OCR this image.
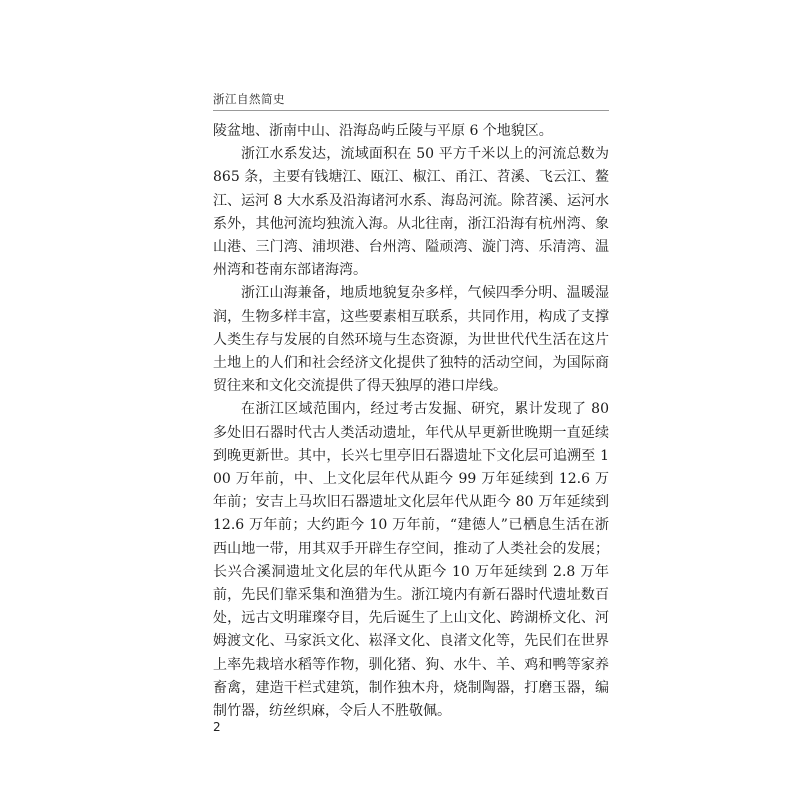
浙江自然简史

陵盆地、浙南中山、沿海岛屿丘陵与平原 6 个地貌区。

浙江水系发达，流域面积在 50 平方千米以上的河流总数为 865 条，主要有钱塘江、瓯江、椒江、甬江、苕溪、飞云江、鳌江、运河 8 大水系及沿海诸河水系、海岛河流。除苕溪、运河水系外，其他河流均独流入海。从北往南，浙江沿海有杭州湾、象山港、三门湾、浦坝港、台州湾、隘顽湾、漩门湾、乐清湾、温州湾和苍南东部诸海湾。

浙江山海兼备，地质地貌复杂多样，气候四季分明、温暖湿润，生物多样丰富，这些要素相互联系，共同作用，构成了支撑人类生存与发展的自然环境与生态资源，为世世代代生活在这片土地上的人们和社会经济文化提供了独特的活动空间，为国际商贸往来和文化交流提供了得天独厚的港口岸线。

在浙江区域范围内，经过考古发掘、研究，累计发现了 80 多处旧石器时代古人类活动遗址，年代从早更新世晚期一直延续到晚更新世。其中，长兴七里亭旧石器遗址下文化层可追溯至 100 万年前，中、上文化层年代从距今 99 万年延续到 12.6 万年前；安吉上马坎旧石器遗址文化层年代从距今 80 万年延续到 12.6 万年前；大约距今 10 万年前，“建德人”已栖息生活在浙西山地一带，用其双手开辟生存空间，推动了人类社会的发展；长兴合溪洞遗址文化层的年代从距今 10 万年延续到 2.8 万年前，先民们靠采集和渔猎为生。浙江境内有新石器时代遗址数百处，远古文明璀璨夺目，先后诞生了上山文化、跨湖桥文化、河姆渡文化、马家浜文化、崧泽文化、良渚文化等，先民们在世界上率先栽培水稻等作物，驯化猪、狗、水牛、羊、鸡和鸭等家养畜禽，建造干栏式建筑，制作独木舟，烧制陶器，打磨玉器，编制竹器，纺丝织麻，令后人不胜敬佩。

2
